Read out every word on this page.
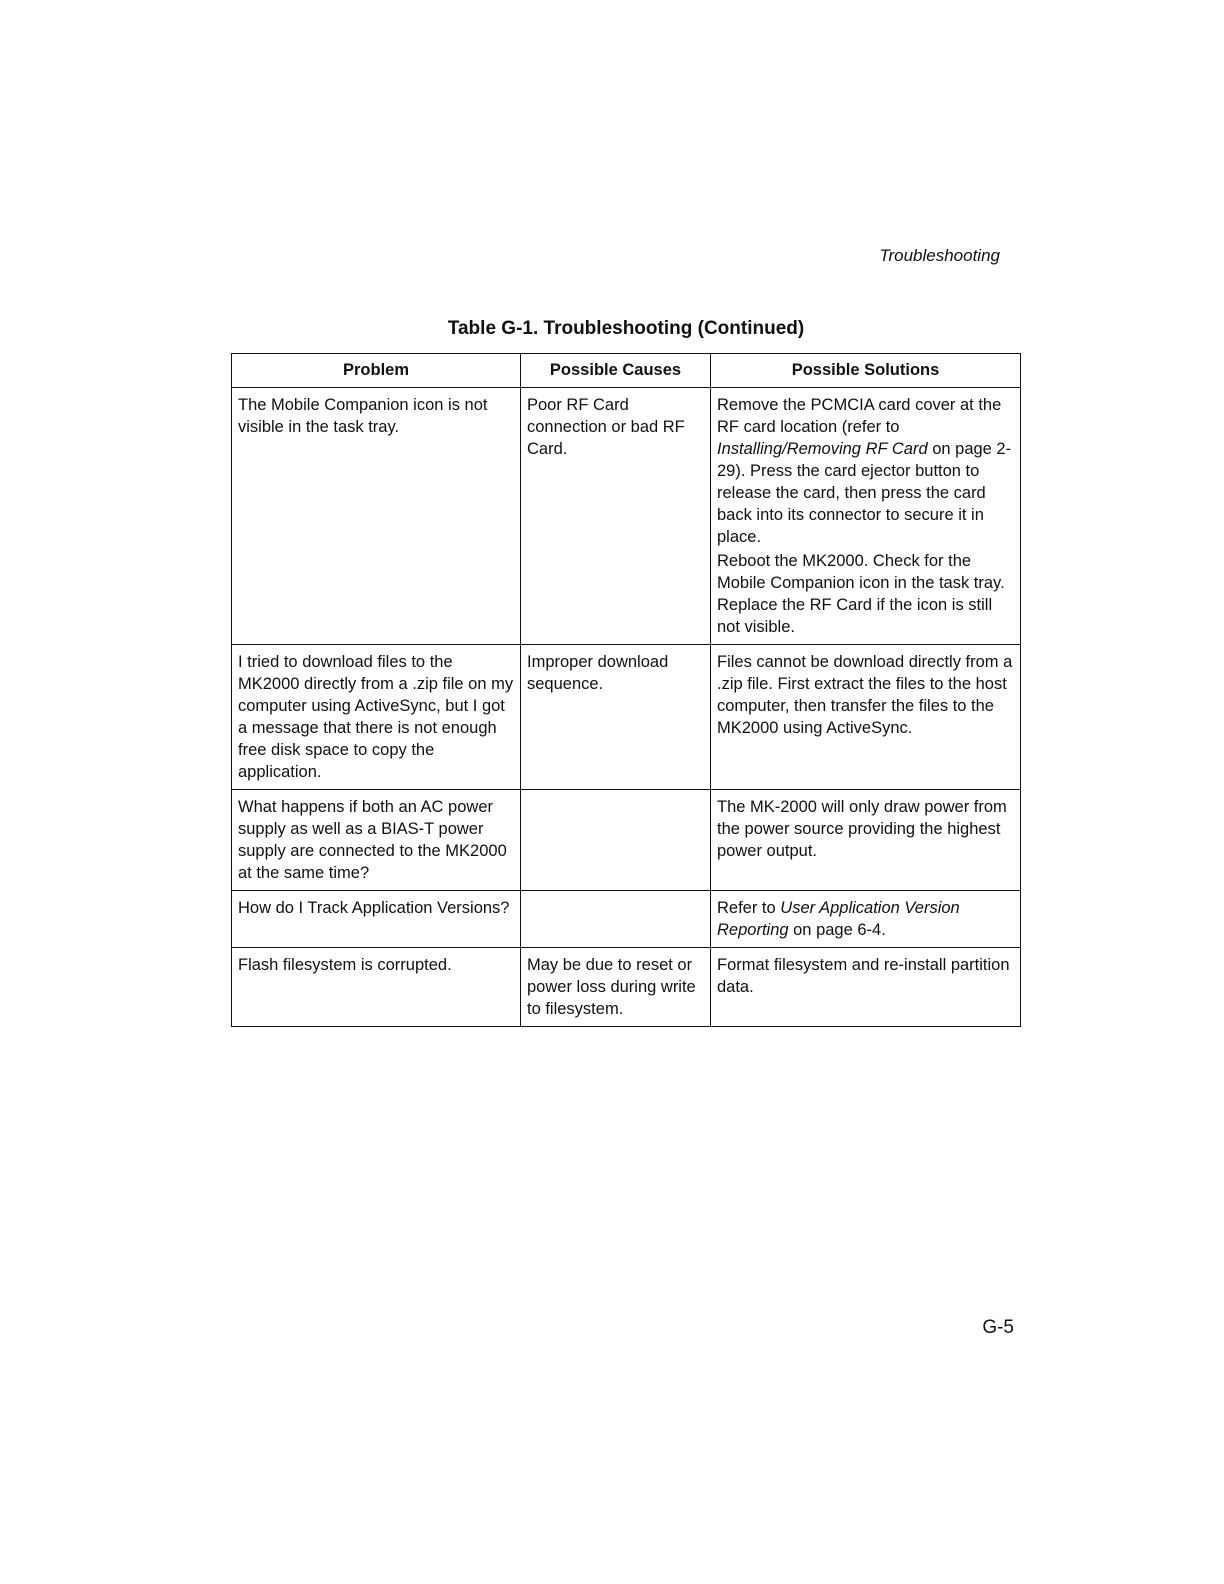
Troubleshooting
Table G-1. Troubleshooting (Continued)
Problem	Possible Causes	Possible Solutions
The Mobile Companion icon is not visible in the task tray.	Poor RF Card connection or bad RF Card.	Remove the PCMCIA card cover at the RF card location (refer to Installing/Removing RF Card on page 2-29). Press the card ejector button to release the card, then press the card back into its connector to secure it in place.

Reboot the MK2000. Check for the Mobile Companion icon in the task tray. Replace the RF Card if the icon is still not visible.

I tried to download files to the MK2000 directly from a .zip file on my computer using ActiveSync, but I got a message that there is not enough free disk space to copy the application.	Improper download sequence.	Files cannot be download directly from a .zip file. First extract the files to the host computer, then transfer the files to the MK2000 using ActiveSync.
What happens if both an AC power supply as well as a BIAS-T power supply are connected to the MK2000 at the same time?		The MK-2000 will only draw power from the power source providing the highest power output.
How do I Track Application Versions?		Refer to User Application Version Reporting on page 6-4.
Flash filesystem is corrupted.	May be due to reset or power loss during write to filesystem.	Format filesystem and re-install partition data.
G-5
